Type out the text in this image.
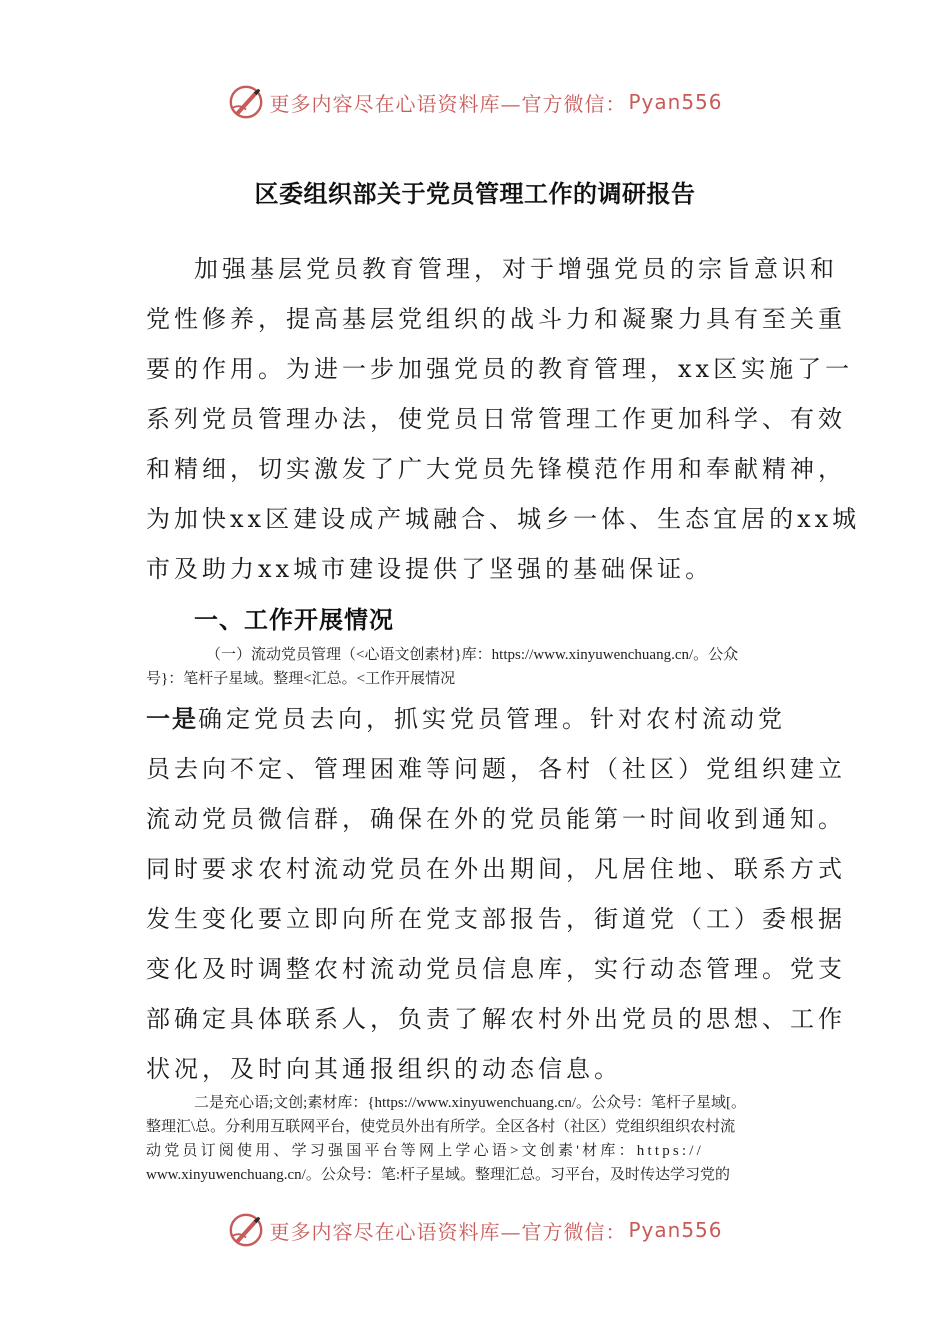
更多内容尽在心语资料库—官方微信： Pyan556
区委组织部关于党员管理工作的调研报告

加强基层党员教育管理，对于增强党员的宗旨意识和
党性修养，提高基层党组织的战斗力和凝聚力具有至关重
要的作用。为进一步加强党员的教育管理，xx区实施了一
系列党员管理办法，使党员日常管理工作更加科学、有效
和精细，切实激发了广大党员先锋模范作用和奉献精神，
为加快xx区建设成产城融合、城乡一体、生态宜居的xx城
市及助力xx城市建设提供了坚强的基础保证。

一、工作开展情况

（一）流动党员管理（<心语文创素材}库：https://www.xinyuwenchuang.cn/。公众
号}：笔杆子星域。整理<汇总。<工作开展情况

一是确定党员去向，抓实党员管理。针对农村流动党
员去向不定、管理困难等问题，各村（社区）党组织建立
流动党员微信群，确保在外的党员能第一时间收到通知。
同时要求农村流动党员在外出期间，凡居住地、联系方式
发生变化要立即向所在党支部报告，街道党（工）委根据
变化及时调整农村流动党员信息库，实行动态管理。党支
部确定具体联系人，负责了解农村外出党员的思想、工作
状况，及时向其通报组织的动态信息。

二是充心语;文创;素材库：{https://www.xinyuwenchuang.cn/。公众号：笔杆子星域[。
整理汇\总。分利用互联网平台，使党员外出有所学。全区各村（社区）党组织组织农村流
动党员订阅使用、学习强国平台等网上学心语>文创素'材库：https://
www.xinyuwenchuang.cn/。公众号：笔:杆子星域。整理汇总。习平台，及时传达学习党的

更多内容尽在心语资料库—官方微信： Pyan556
